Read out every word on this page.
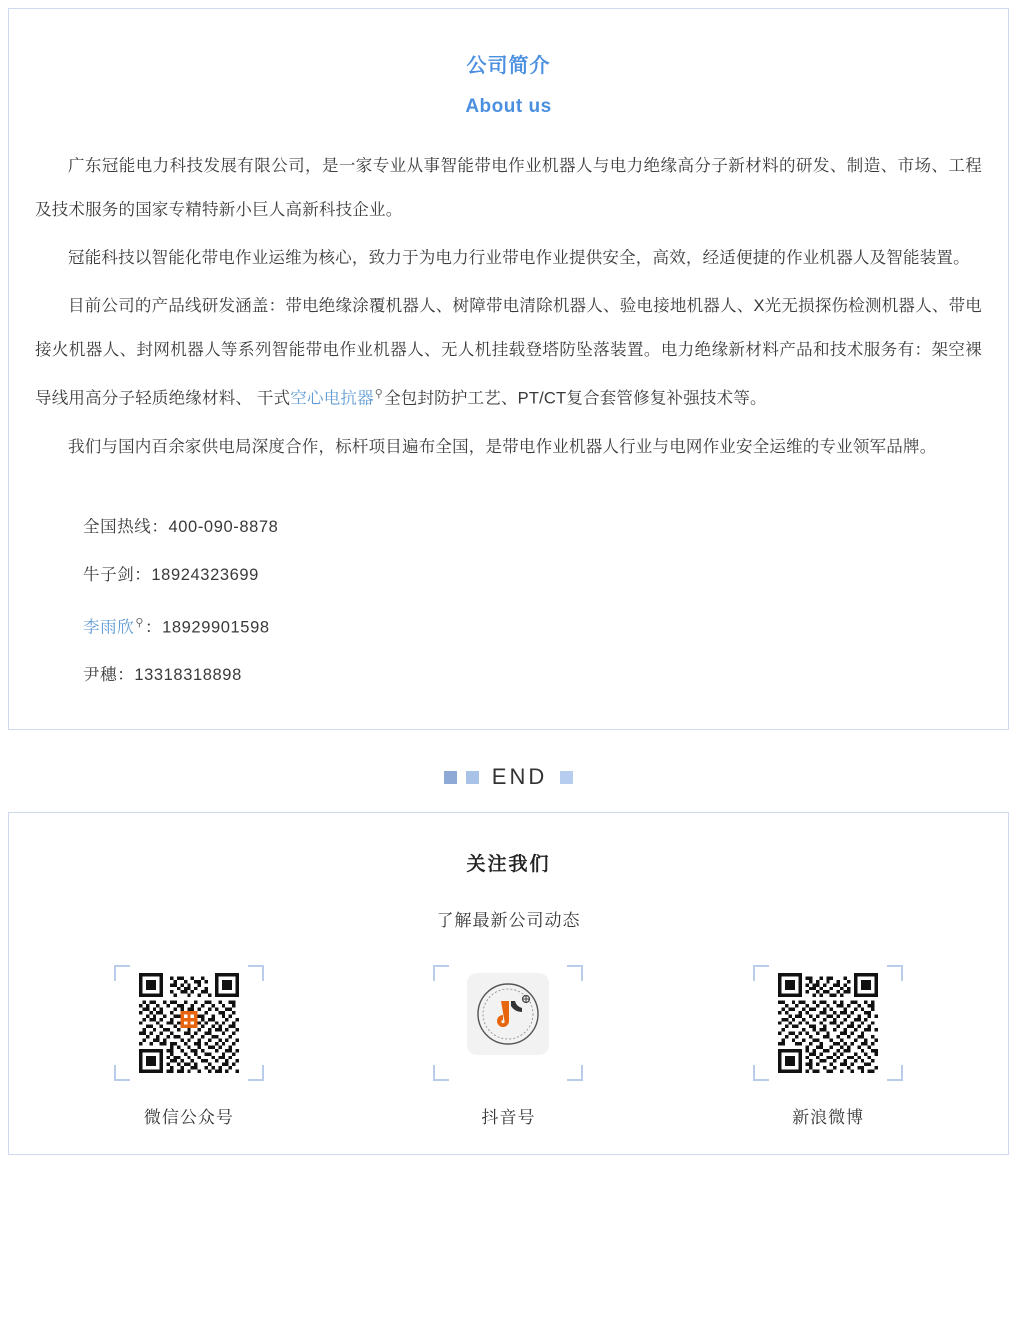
公司简介
About us

广东冠能电力科技发展有限公司，是一家专业从事智能带电作业机器人与电力绝缘高分子新材料的研发、制造、市场、工程及技术服务的国家专精特新小巨人高新科技企业。

冠能科技以智能化带电作业运维为核心，致力于为电力行业带电作业提供安全，高效，经适便捷的作业机器人及智能装置。

目前公司的产品线研发涵盖：带电绝缘涂覆机器人、树障带电清除机器人、验电接地机器人、X光无损探伤检测机器人、带电接火机器人、封网机器人等系列智能带电作业机器人、无人机挂载登塔防坠落装置。电力绝缘新材料产品和技术服务有：架空裸导线用高分子轻质绝缘材料、 干式空心电抗器⚲全包封防护工艺、PT/CT复合套管修复补强技术等。

我们与国内百余家供电局深度合作，标杆项目遍布全国，是带电作业机器人行业与电网作业安全运维的专业领军品牌。

全国热线：400-090-8878
牛子剑：18924323699
李雨欣⚲：18929901598
尹穗：13318318898
END
关注我们
了解最新公司动态
微信公众号	抖音号	新浪微博
